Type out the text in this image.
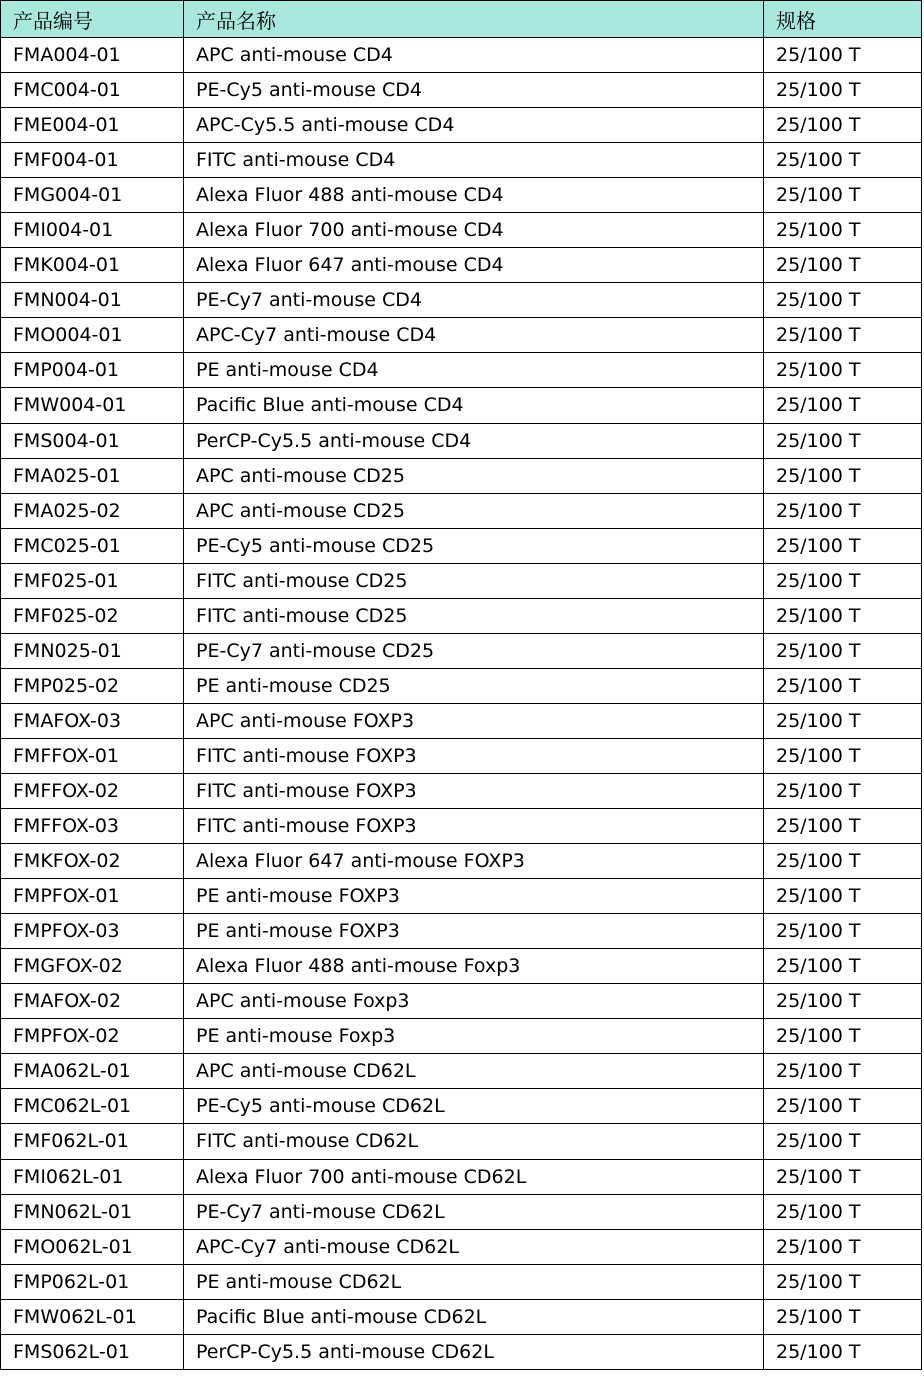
产品编号	产品名称	规格
FMA004-01	APC anti-mouse CD4	25/100 T
FMC004-01	PE-Cy5 anti-mouse CD4	25/100 T
FME004-01	APC-Cy5.5 anti-mouse CD4	25/100 T
FMF004-01	FITC anti-mouse CD4	25/100 T
FMG004-01	Alexa Fluor 488 anti-mouse CD4	25/100 T
FMI004-01	Alexa Fluor 700 anti-mouse CD4	25/100 T
FMK004-01	Alexa Fluor 647 anti-mouse CD4	25/100 T
FMN004-01	PE-Cy7 anti-mouse CD4	25/100 T
FMO004-01	APC-Cy7 anti-mouse CD4	25/100 T
FMP004-01	PE anti-mouse CD4	25/100 T
FMW004-01	Pacific Blue anti-mouse CD4	25/100 T
FMS004-01	PerCP-Cy5.5 anti-mouse CD4	25/100 T
FMA025-01	APC anti-mouse CD25	25/100 T
FMA025-02	APC anti-mouse CD25	25/100 T
FMC025-01	PE-Cy5 anti-mouse CD25	25/100 T
FMF025-01	FITC anti-mouse CD25	25/100 T
FMF025-02	FITC anti-mouse CD25	25/100 T
FMN025-01	PE-Cy7 anti-mouse CD25	25/100 T
FMP025-02	PE anti-mouse CD25	25/100 T
FMAFOX-03	APC anti-mouse FOXP3	25/100 T
FMFFOX-01	FITC anti-mouse FOXP3	25/100 T
FMFFOX-02	FITC anti-mouse FOXP3	25/100 T
FMFFOX-03	FITC anti-mouse FOXP3	25/100 T
FMKFOX-02	Alexa Fluor 647 anti-mouse FOXP3	25/100 T
FMPFOX-01	PE anti-mouse FOXP3	25/100 T
FMPFOX-03	PE anti-mouse FOXP3	25/100 T
FMGFOX-02	Alexa Fluor 488 anti-mouse Foxp3	25/100 T
FMAFOX-02	APC anti-mouse Foxp3	25/100 T
FMPFOX-02	PE anti-mouse Foxp3	25/100 T
FMA062L-01	APC anti-mouse CD62L	25/100 T
FMC062L-01	PE-Cy5 anti-mouse CD62L	25/100 T
FMF062L-01	FITC anti-mouse CD62L	25/100 T
FMI062L-01	Alexa Fluor 700 anti-mouse CD62L	25/100 T
FMN062L-01	PE-Cy7 anti-mouse CD62L	25/100 T
FMO062L-01	APC-Cy7 anti-mouse CD62L	25/100 T
FMP062L-01	PE anti-mouse CD62L	25/100 T
FMW062L-01	Pacific Blue anti-mouse CD62L	25/100 T
FMS062L-01	PerCP-Cy5.5 anti-mouse CD62L	25/100 T
